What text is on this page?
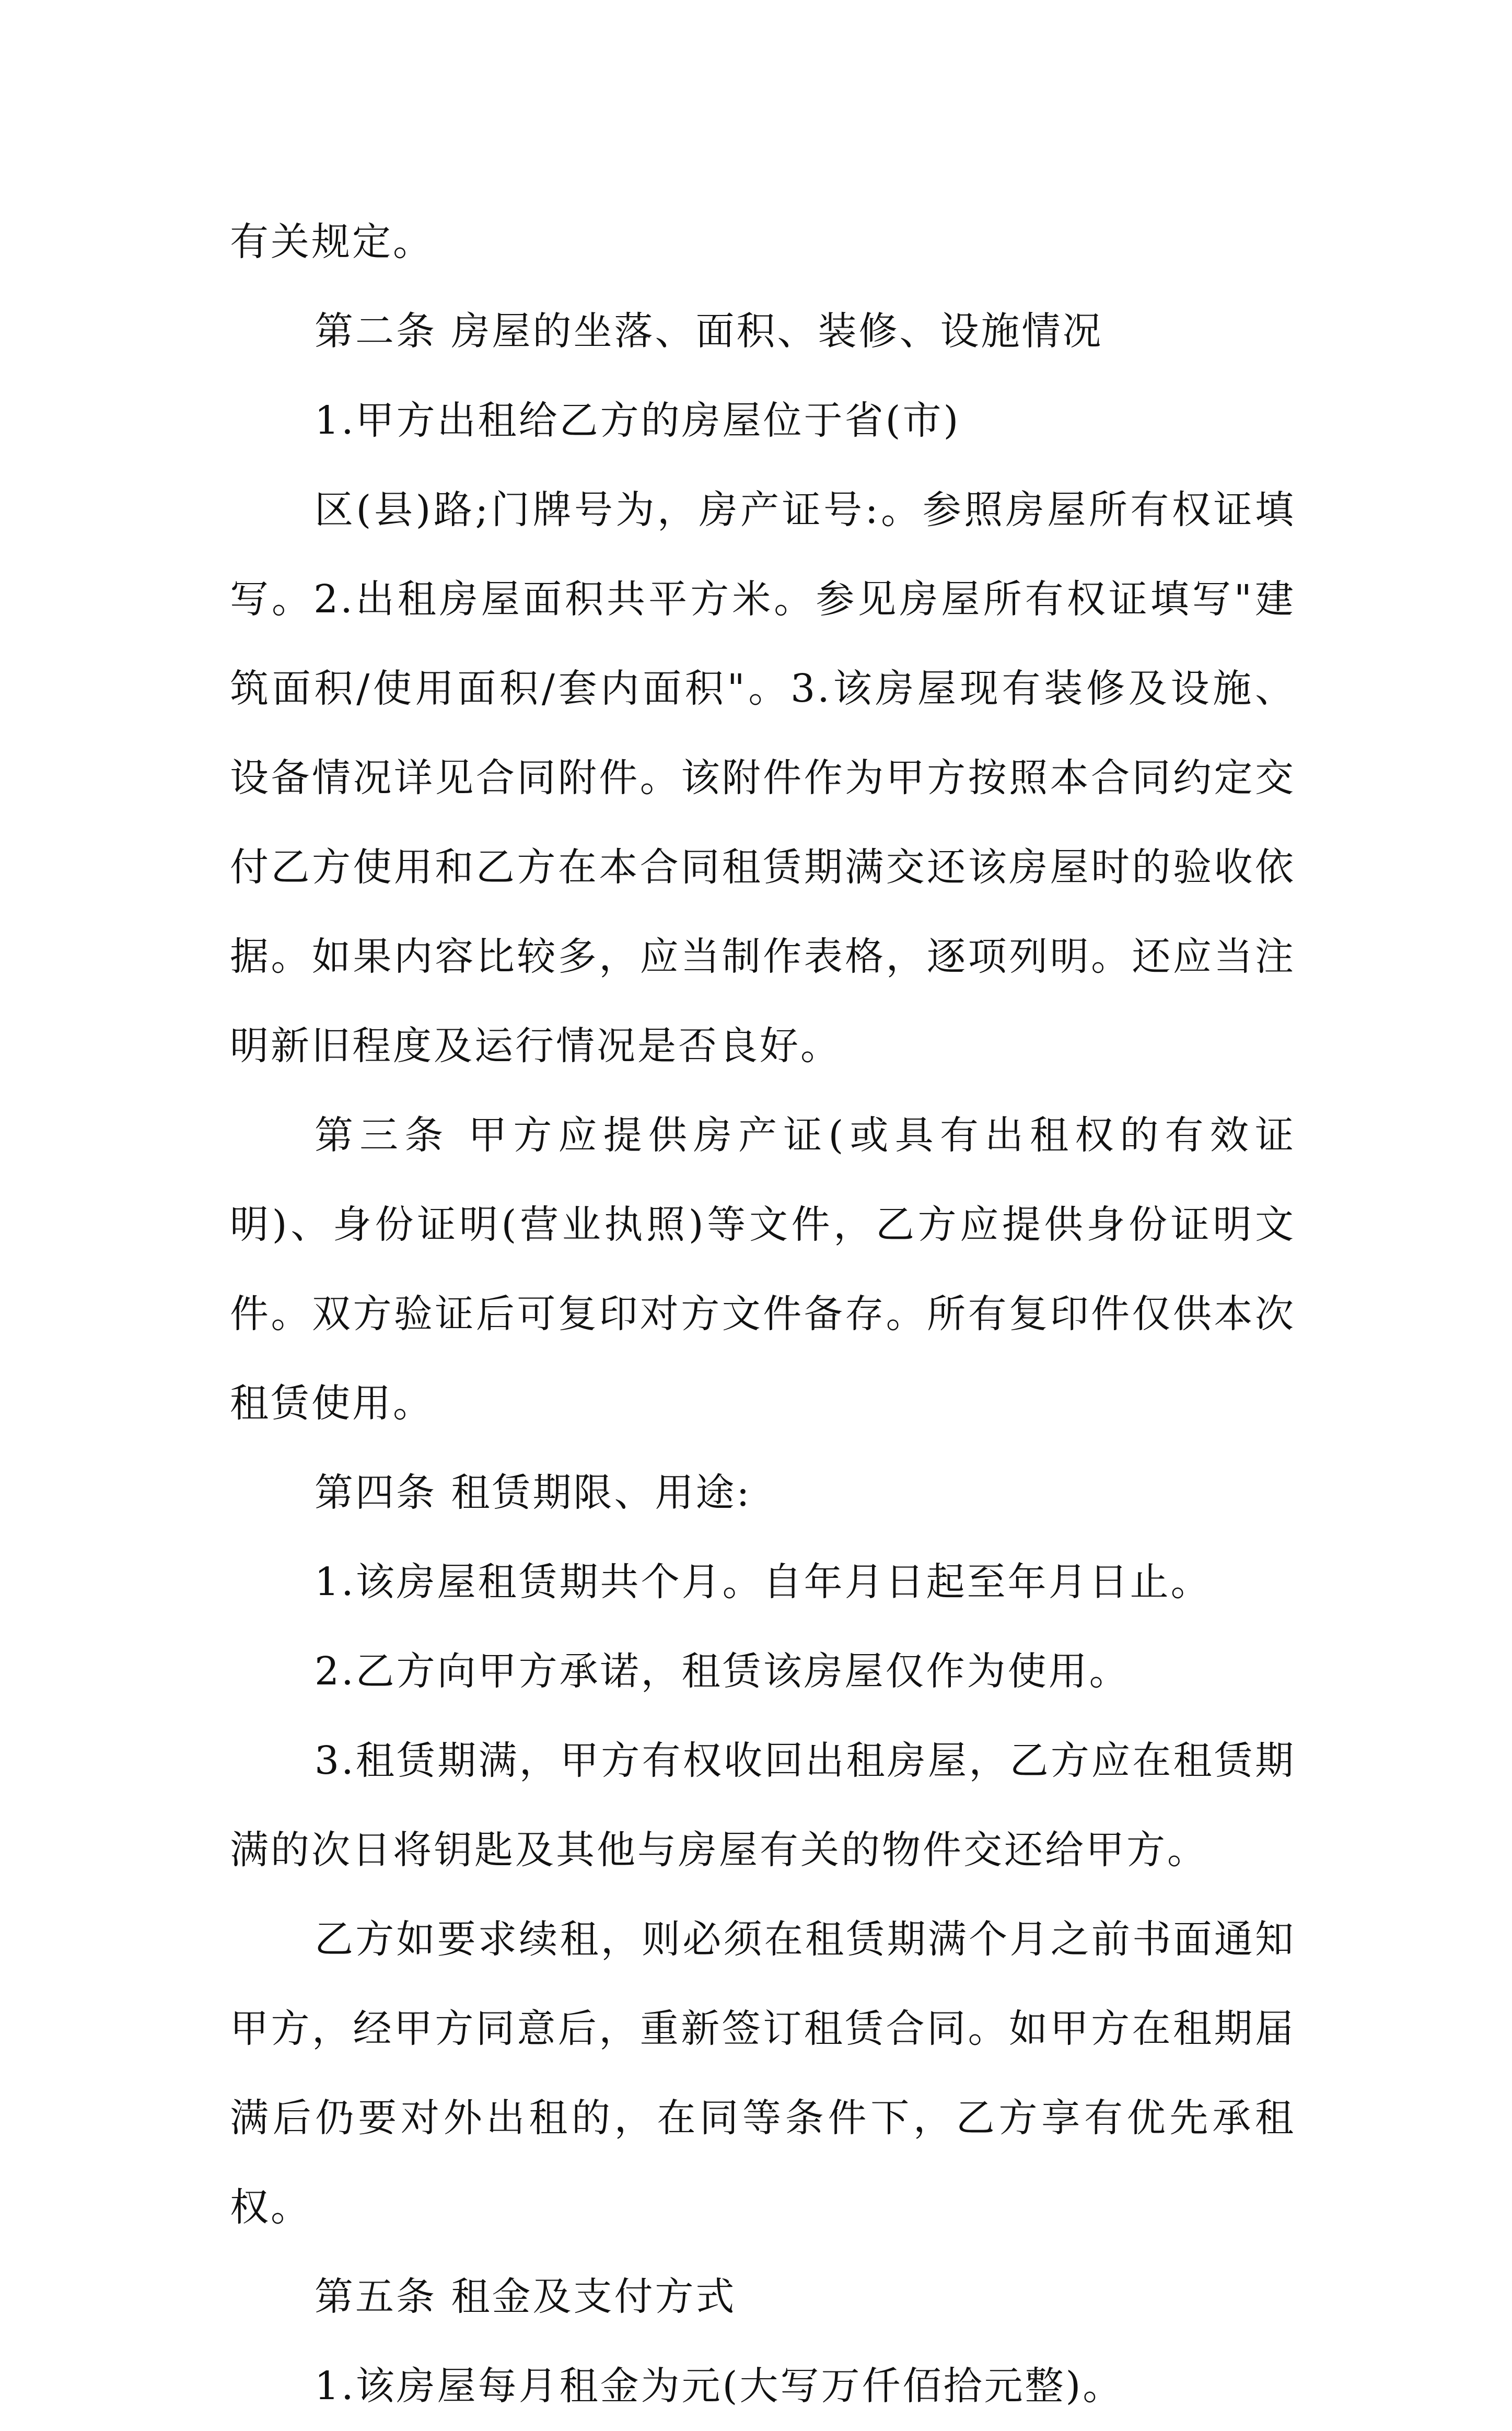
有关规定。

第二条 房屋的坐落、面积、装修、设施情况

1.甲方出租给乙方的房屋位于省(市)

区(县)路;门牌号为，房产证号:。参照房屋所有权证填写。2.出租房屋面积共平方米。参见房屋所有权证填写"建筑面积/使用面积/套内面积"。3.该房屋现有装修及设施、设备情况详见合同附件。该附件作为甲方按照本合同约定交付乙方使用和乙方在本合同租赁期满交还该房屋时的验收依据。如果内容比较多，应当制作表格，逐项列明。还应当注明新旧程度及运行情况是否良好。

第三条 甲方应提供房产证(或具有出租权的有效证明)、身份证明(营业执照)等文件，乙方应提供身份证明文件。双方验证后可复印对方文件备存。所有复印件仅供本次租赁使用。

第四条 租赁期限、用途:

1.该房屋租赁期共个月。自年月日起至年月日止。

2.乙方向甲方承诺，租赁该房屋仅作为使用。

3.租赁期满，甲方有权收回出租房屋，乙方应在租赁期满的次日将钥匙及其他与房屋有关的物件交还给甲方。

乙方如要求续租，则必须在租赁期满个月之前书面通知甲方，经甲方同意后，重新签订租赁合同。如甲方在租期届满后仍要对外出租的，在同等条件下，乙方享有优先承租权。

第五条 租金及支付方式

1.该房屋每月租金为元(大写万仟佰拾元整)。
